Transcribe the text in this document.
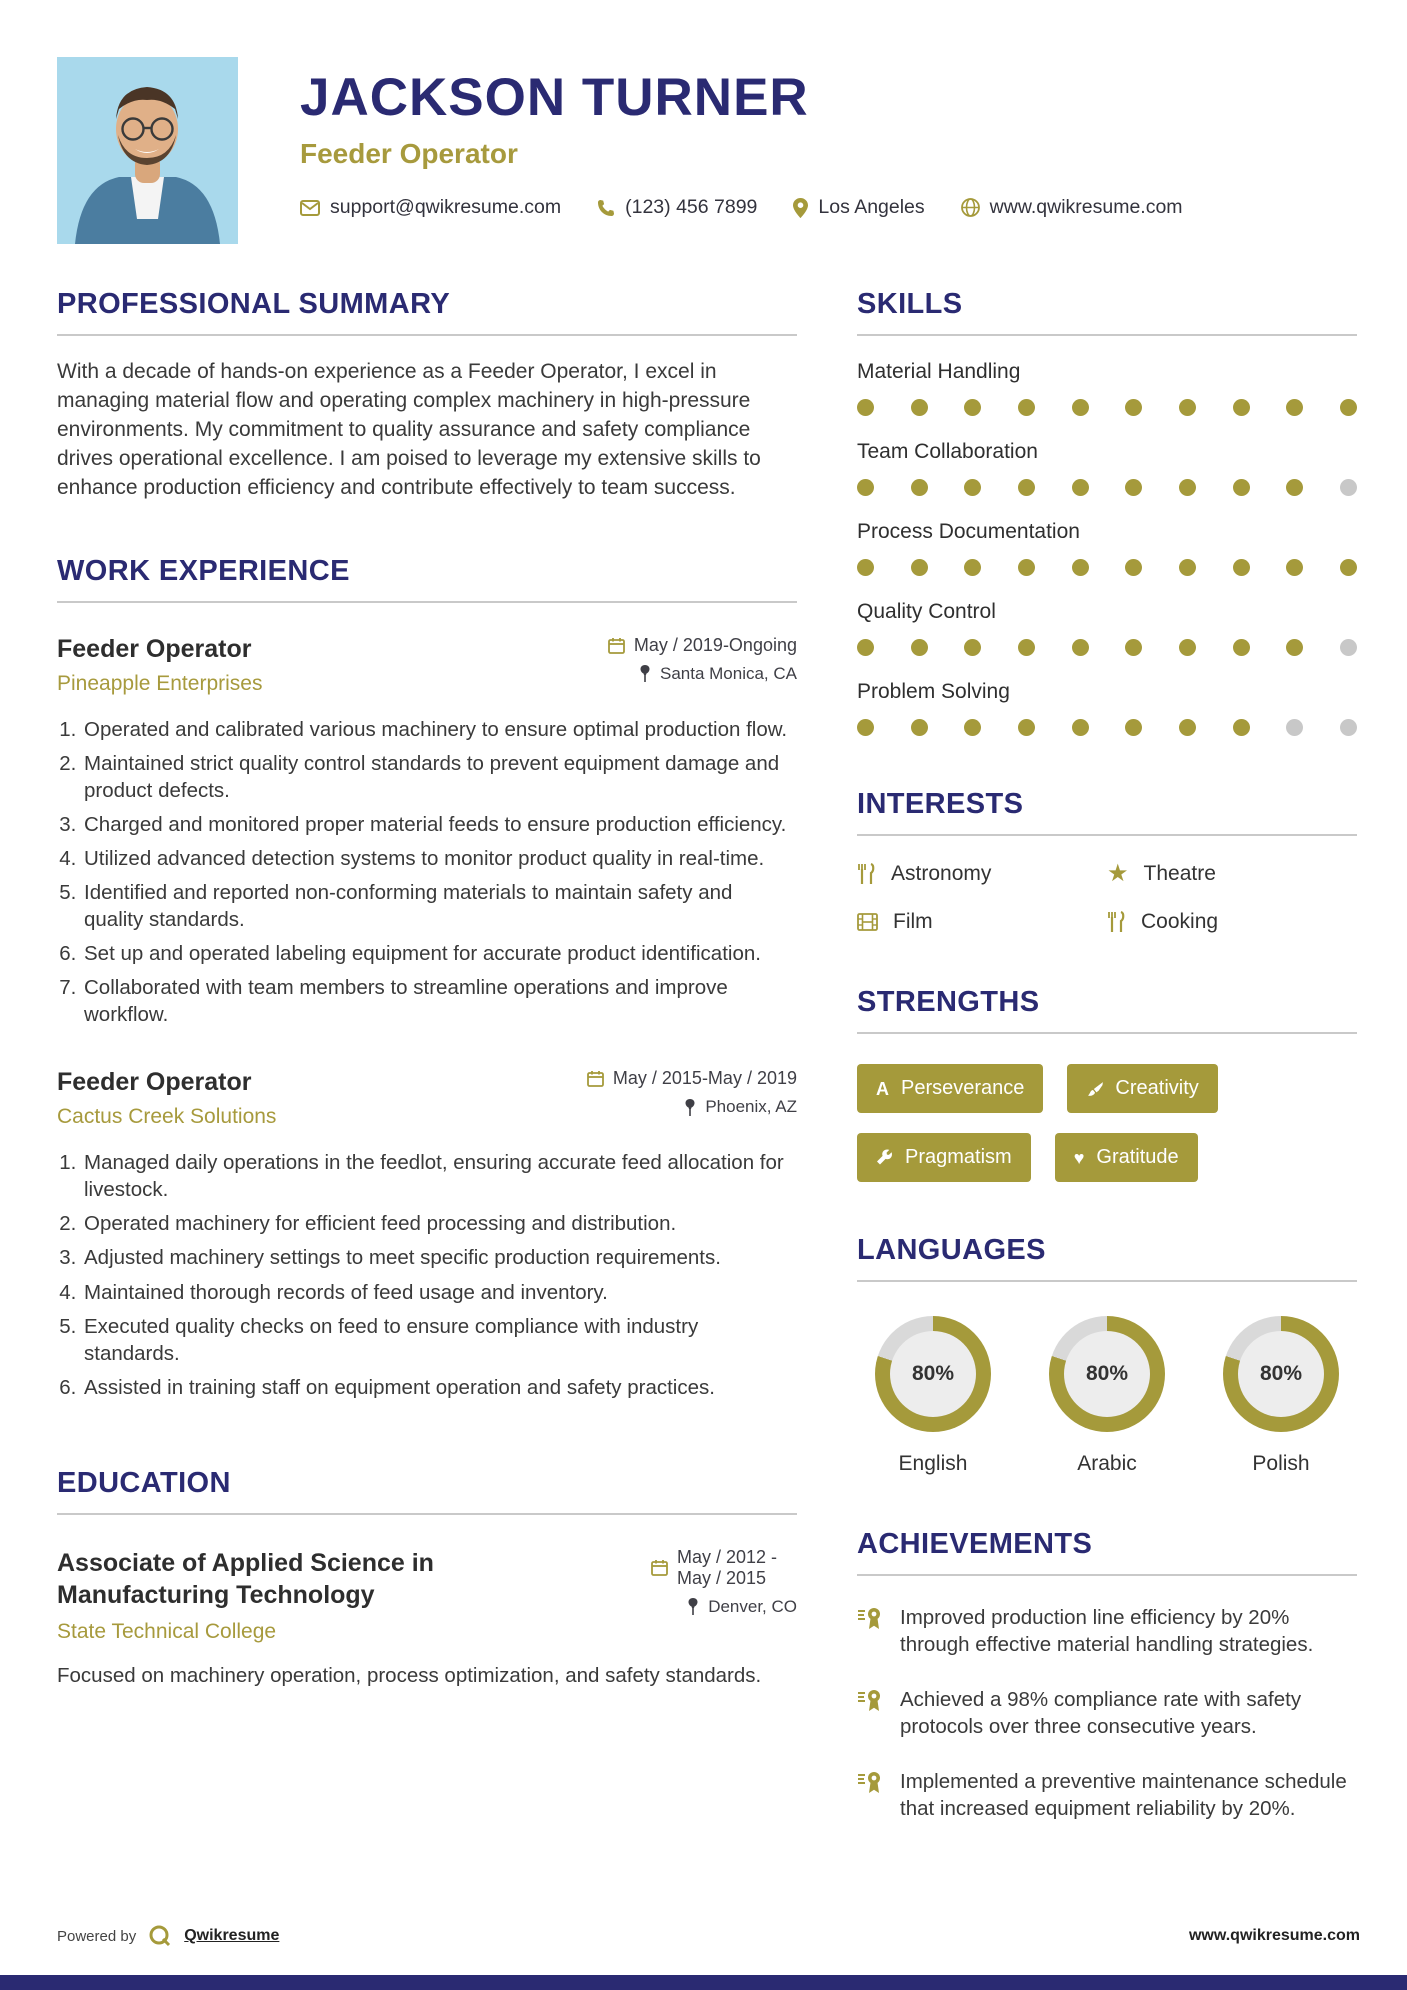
JACKSON TURNER
Feeder Operator
support@qwikresume.com	(123) 456 7899	Los Angeles	www.qwikresume.com
PROFESSIONAL SUMMARY

With a decade of hands-on experience as a Feeder Operator, I excel in managing material flow and operating complex machinery in high-pressure environments. My commitment to quality assurance and safety compliance drives operational excellence. I am poised to leverage my extensive skills to enhance production efficiency and contribute effectively to team success.

WORK EXPERIENCE
Feeder Operator
Pineapple Enterprises
May / 2019-Ongoing
Santa Monica, CA
1. Operated and calibrated various machinery to ensure optimal production flow.
2. Maintained strict quality control standards to prevent equipment damage and product defects.
3. Charged and monitored proper material feeds to ensure production efficiency.
4. Utilized advanced detection systems to monitor product quality in real-time.
5. Identified and reported non-conforming materials to maintain safety and quality standards.
6. Set up and operated labeling equipment for accurate product identification.
7. Collaborated with team members to streamline operations and improve workflow.
Feeder Operator
Cactus Creek Solutions
May / 2015-May / 2019
Phoenix, AZ
1. Managed daily operations in the feedlot, ensuring accurate feed allocation for livestock.
2. Operated machinery for efficient feed processing and distribution.
3. Adjusted machinery settings to meet specific production requirements.
4. Maintained thorough records of feed usage and inventory.
5. Executed quality checks on feed to ensure compliance with industry standards.
6. Assisted in training staff on equipment operation and safety practices.
EDUCATION
Associate of Applied Science in Manufacturing Technology
State Technical College
May / 2012 - May / 2015
Denver, CO

Focused on machinery operation, process optimization, and safety standards.

SKILLS
Material Handling
Team Collaboration
Process Documentation
Quality Control
Problem Solving
INTERESTS
Astronomy	★ Theatre
Film	Cooking
STRENGTHS
A Perseverance	Creativity
Pragmatism	♥ Gratitude
LANGUAGES
80%
English
80%
Arabic
80%
Polish
ACHIEVEMENTS
Improved production line efficiency by 20% through effective material handling strategies.
Achieved a 98% compliance rate with safety protocols over three consecutive years.
Implemented a preventive maintenance schedule that increased equipment reliability by 20%.
Powered by	Qwikresume	www.qwikresume.com
